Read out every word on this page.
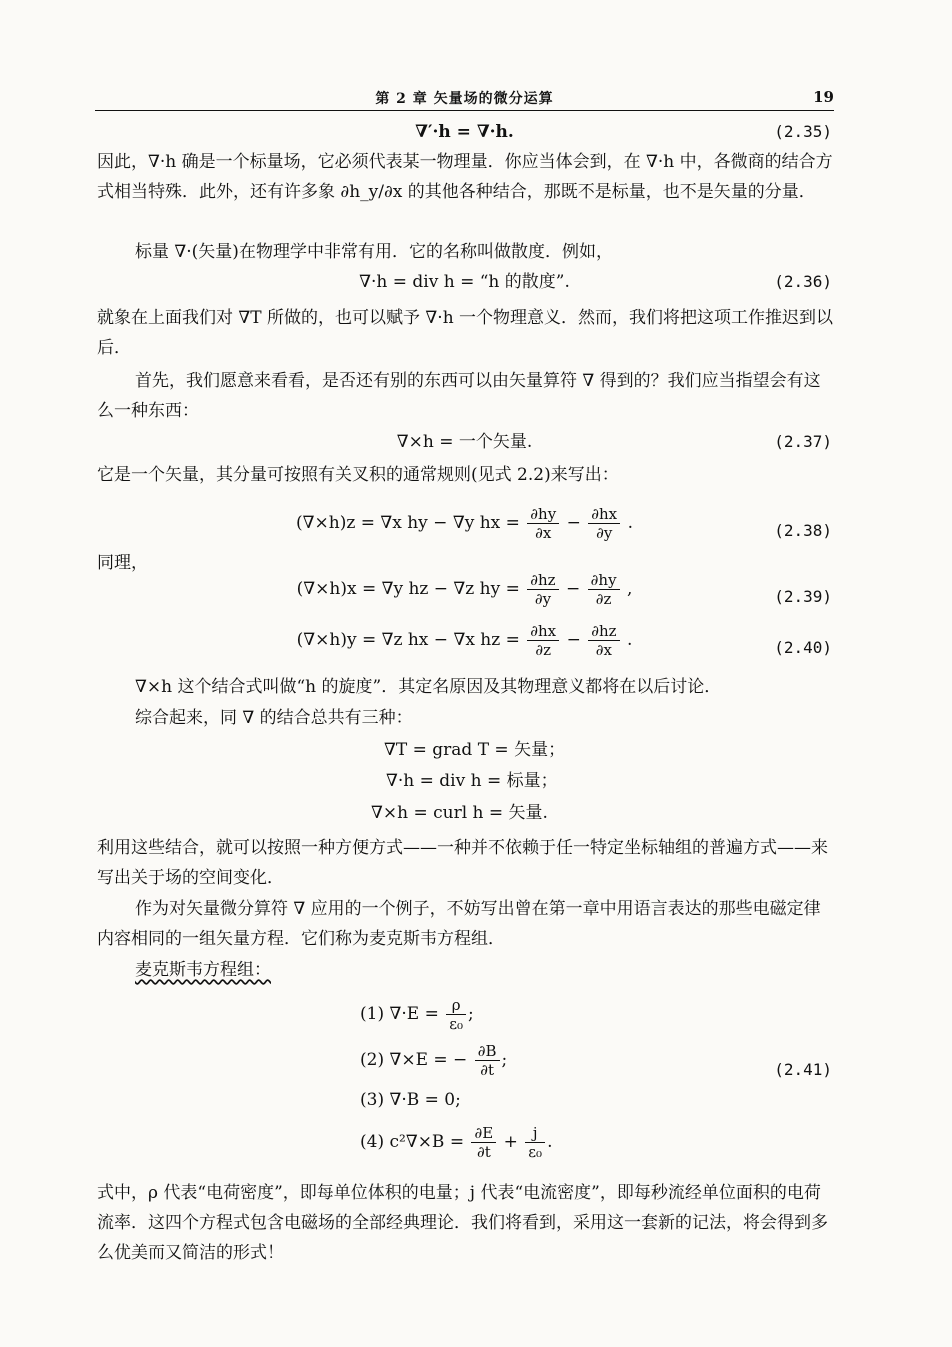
第 2 章 矢量场的微分运算	19
∇′·h = ∇·h.	(2.35)
因此，∇·h 确是一个标量场，它必须代表某一物理量．你应当体会到，在 ∇·h 中，各微商的结合方式相当特殊．此外，还有许多象 ∂h_y/∂x 的其他各种结合，那既不是标量，也不是矢量的分量．
标量 ∇·(矢量)在物理学中非常有用．它的名称叫做散度．例如，
∇·h = div h = “h 的散度”.	(2.36)
就象在上面我们对 ∇T 所做的，也可以赋予 ∇·h 一个物理意义．然而，我们将把这项工作推迟到以后．
首先，我们愿意来看看，是否还有别的东西可以由矢量算符 ∇ 得到的？我们应当指望会有这么一种东西：
∇×h = 一个矢量.	(2.37)
它是一个矢量，其分量可按照有关叉积的通常规则(见式 2.2)来写出：
(∇×h)z = ∇x hy − ∇y hx = $\frac{\partial hy}{\partial x} - \frac{\partial hx}{\partial y}$ .	(2.38)
同理，
(∇×h)x = ∇y hz − ∇z hy = $\frac{\partial hz}{\partial y} - \frac{\partial hy}{\partial z}$ ,	(2.39)
(∇×h)y = ∇z hx − ∇x hz = $\frac{\partial hx}{\partial z} - \frac{\partial hz}{\partial x}$ .	(2.40)
∇×h 这个结合式叫做“h 的旋度”．其定名原因及其物理意义都将在以后讨论．
综合起来，同 ∇ 的结合总共有三种：
∇T = grad T = 矢量；
∇·h = div h = 标量；
∇×h = curl h = 矢量.
利用这些结合，就可以按照一种方便方式——一种并不依赖于任一特定坐标轴组的普遍方式——来写出关于场的空间变化．
作为对矢量微分算符 ∇ 应用的一个例子，不妨写出曾在第一章中用语言表达的那些电磁定律内容相同的一组矢量方程．它们称为麦克斯韦方程组．
麦克斯韦方程组：
(1) $\nabla\cdot E = \frac{\rho}{\text{ε₀}}$ ;
(2) ∇×E = − $\frac{\partial B}{\partial t}$ ;	(2.41)
(3) ∇·B = 0;
(4) $c^2\nabla\times B = \frac{\partial E}{\partial t} + \frac{j}{\text{ε₀}}$ .
式中，ρ 代表“电荷密度”，即每单位体积的电量；j 代表“电流密度”，即每秒流经单位面积的电荷流率．这四个方程式包含电磁场的全部经典理论．我们将看到，采用这一套新的记法，将会得到多么优美而又简洁的形式！
